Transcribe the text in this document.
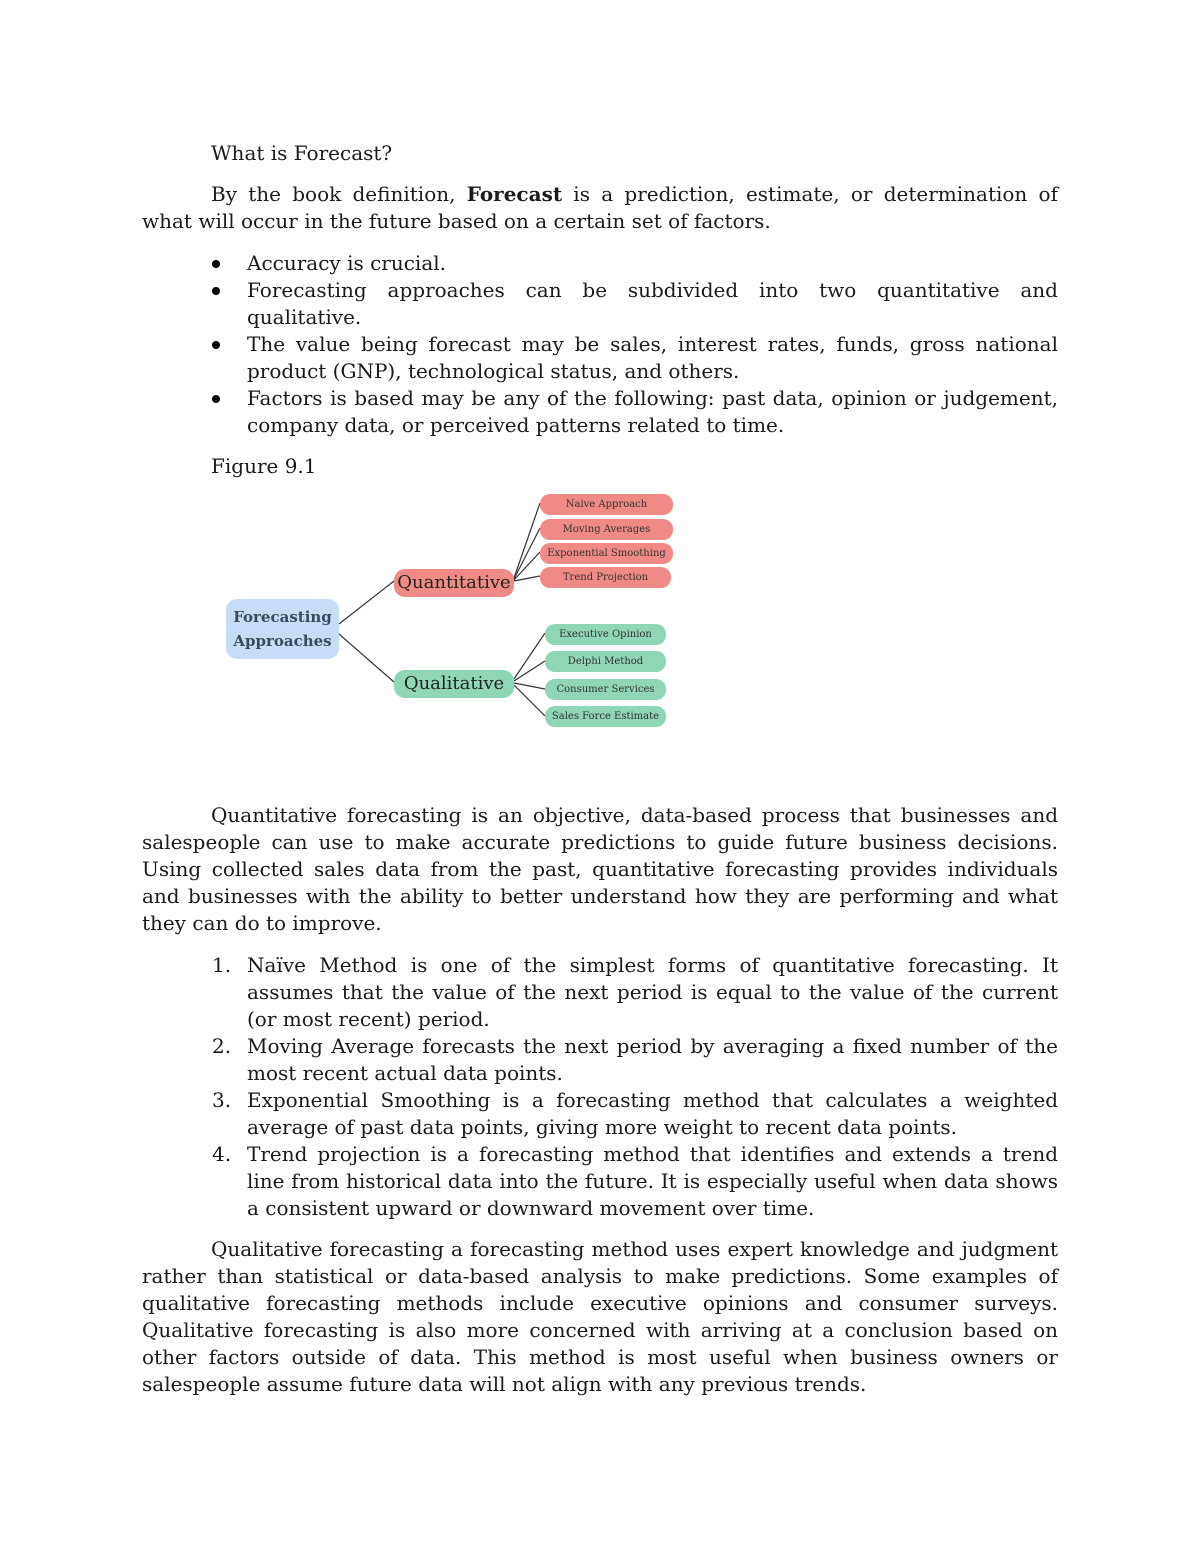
What is Forecast?

By the book definition, Forecast is a prediction, estimate, or determination of what will occur in the future based on a certain set of factors.

Accuracy is crucial.
Forecasting approaches can be subdivided into two quantitative and qualitative.
The value being forecast may be sales, interest rates, funds, gross national product (GNP), technological status, and others.
Factors is based may be any of the following: past data, opinion or judgement, company data, or perceived patterns related to time.

Figure 9.1

Forecasting
Approaches
Quantitative
Qualitative
Naive Approach
Moving Averages
Exponential Smoothing
Trend Projection
Executive Opinion
Delphi Method
Consumer Services
Sales Force Estimate

Quantitative forecasting is an objective, data-based process that businesses and salespeople can use to make accurate predictions to guide future business decisions. Using collected sales data from the past, quantitative forecasting provides individuals and businesses with the ability to better understand how they are performing and what they can do to improve.

1. Naïve Method is one of the simplest forms of quantitative forecasting. It assumes that the value of the next period is equal to the value of the current (or most recent) period.
2. Moving Average forecasts the next period by averaging a fixed number of the most recent actual data points.
3. Exponential Smoothing is a forecasting method that calculates a weighted average of past data points, giving more weight to recent data points.
4. Trend projection is a forecasting method that identifies and extends a trend line from historical data into the future. It is especially useful when data shows a consistent upward or downward movement over time.

Qualitative forecasting a forecasting method uses expert knowledge and judgment rather than statistical or data-based analysis to make predictions. Some examples of qualitative forecasting methods include executive opinions and consumer surveys. Qualitative forecasting is also more concerned with arriving at a conclusion based on other factors outside of data. This method is most useful when business owners or salespeople assume future data will not align with any previous trends.
